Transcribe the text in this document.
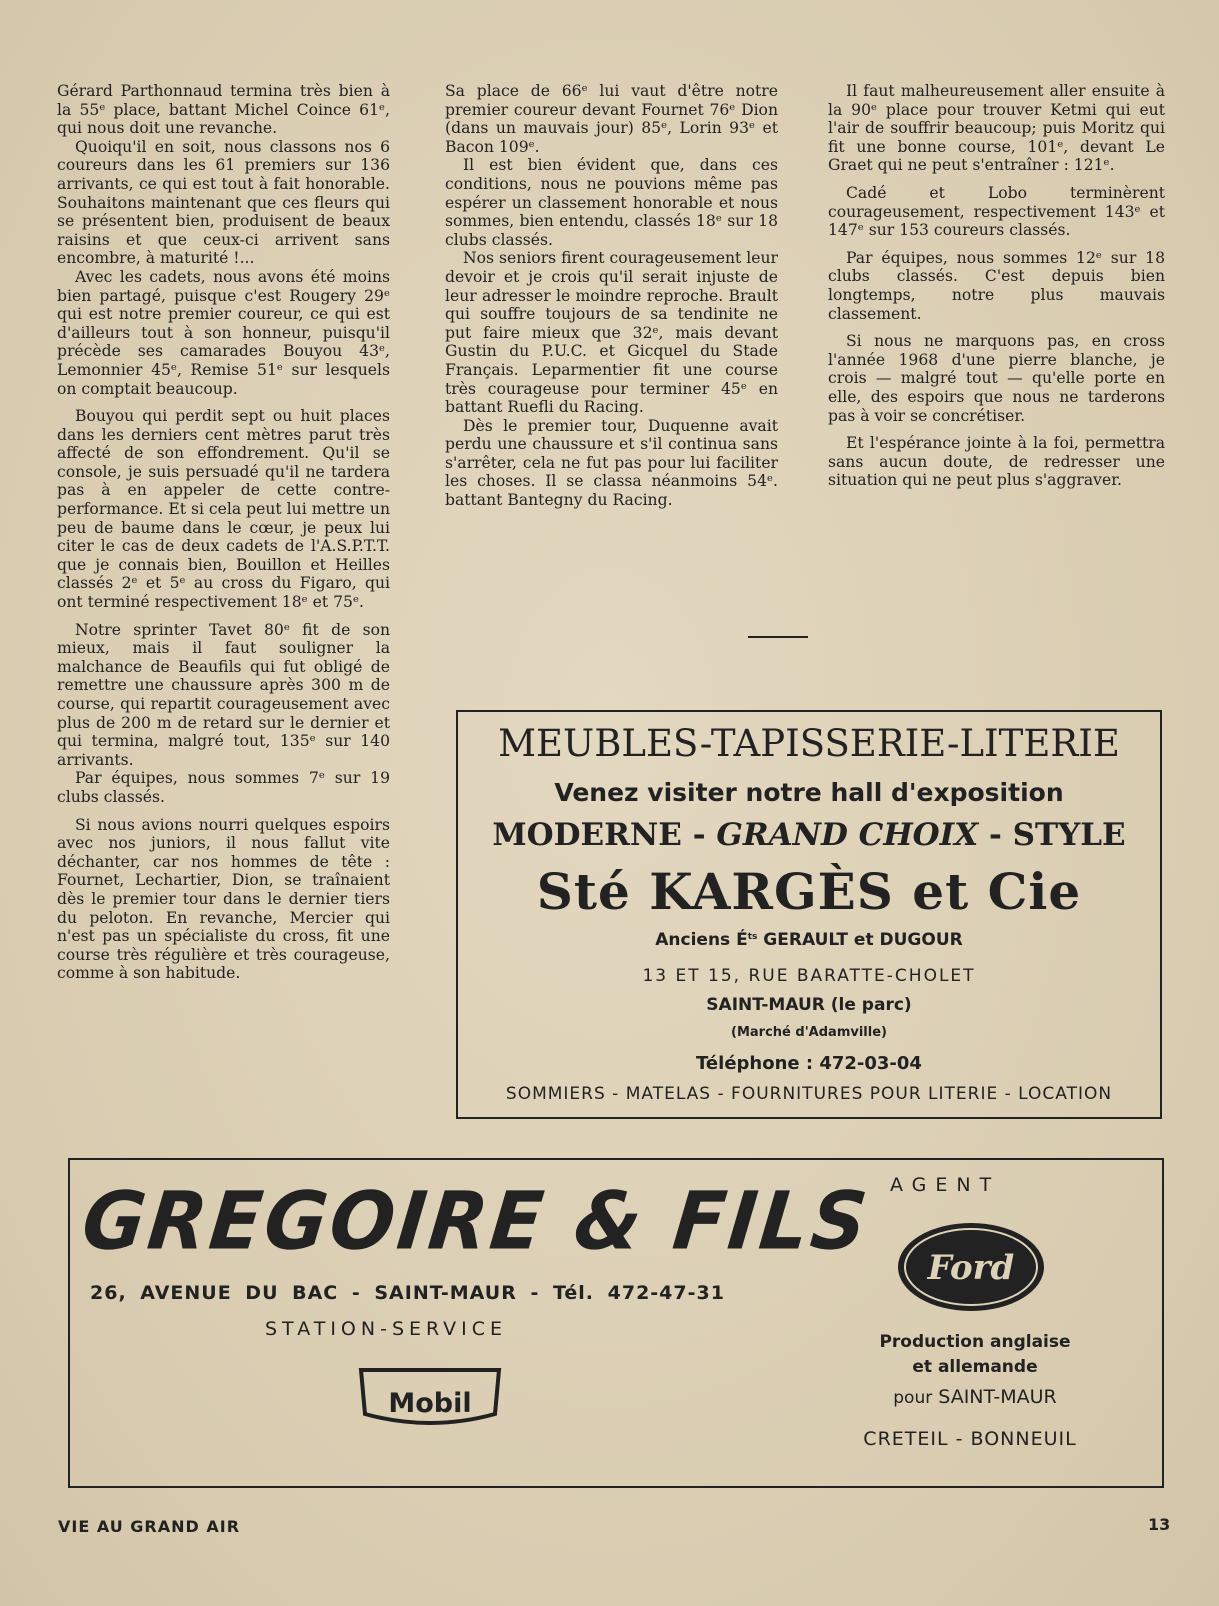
Gérard Parthonnaud termina très bien à la 55ᵉ place, battant Michel Coince 61ᵉ, qui nous doit une revanche.

Quoiqu'il en soit, nous classons nos 6 coureurs dans les 61 premiers sur 136 arrivants, ce qui est tout à fait honorable. Souhaitons maintenant que ces fleurs qui se présentent bien, produisent de beaux raisins et que ceux-ci arrivent sans encombre, à maturité !...

Avec les cadets, nous avons été moins bien partagé, puisque c'est Rougery 29ᵉ qui est notre premier coureur, ce qui est d'ailleurs tout à son honneur, puisqu'il précède ses camarades Bouyou 43ᵉ, Lemonnier 45ᵉ, Remise 51ᵉ sur lesquels on comptait beaucoup.

Bouyou qui perdit sept ou huit places dans les derniers cent mètres parut très affecté de son effondrement. Qu'il se console, je suis persuadé qu'il ne tardera pas à en appeler de cette contre-performance. Et si cela peut lui mettre un peu de baume dans le cœur, je peux lui citer le cas de deux cadets de l'A.S.P.T.T. que je connais bien, Bouillon et Heilles classés 2ᵉ et 5ᵉ au cross du Figaro, qui ont terminé respectivement 18ᵉ et 75ᵉ.

Notre sprinter Tavet 80ᵉ fit de son mieux, mais il faut souligner la malchance de Beaufils qui fut obligé de remettre une chaussure après 300 m de course, qui repartit courageusement avec plus de 200 m de retard sur le dernier et qui termina, malgré tout, 135ᵉ sur 140 arrivants.

Par équipes, nous sommes 7ᵉ sur 19 clubs classés.

Si nous avions nourri quelques espoirs avec nos juniors, il nous fallut vite déchanter, car nos hommes de tête : Fournet, Lechartier, Dion, se traînaient dès le premier tour dans le dernier tiers du peloton. En revanche, Mercier qui n'est pas un spécialiste du cross, fit une course très régulière et très courageuse, comme à son habitude.

Sa place de 66ᵉ lui vaut d'être notre premier coureur devant Fournet 76ᵉ Dion (dans un mauvais jour) 85ᵉ, Lorin 93ᵉ et Bacon 109ᵉ.

Il est bien évident que, dans ces conditions, nous ne pouvions même pas espérer un classement honorable et nous sommes, bien entendu, classés 18ᵉ sur 18 clubs classés.

Nos seniors firent courageusement leur devoir et je crois qu'il serait injuste de leur adresser le moindre reproche. Brault qui souffre toujours de sa tendinite ne put faire mieux que 32ᵉ, mais devant Gustin du P.U.C. et Gicquel du Stade Français. Leparmentier fit une course très courageuse pour terminer 45ᵉ en battant Ruefli du Racing.

Dès le premier tour, Duquenne avait perdu une chaussure et s'il continua sans s'arrêter, cela ne fut pas pour lui faciliter les choses. Il se classa néanmoins 54ᵉ. battant Bantegny du Racing.

Il faut malheureusement aller ensuite à la 90ᵉ place pour trouver Ketmi qui eut l'air de souffrir beaucoup; puis Moritz qui fit une bonne course, 101ᵉ, devant Le Graet qui ne peut s'entraîner : 121ᵉ.

Cadé et Lobo terminèrent courageusement, respectivement 143ᵉ et 147ᵉ sur 153 coureurs classés.

Par équipes, nous sommes 12ᵉ sur 18 clubs classés. C'est depuis bien longtemps, notre plus mauvais classement.

Si nous ne marquons pas, en cross l'année 1968 d'une pierre blanche, je crois — malgré tout — qu'elle porte en elle, des espoirs que nous ne tarderons pas à voir se concrétiser.

Et l'espérance jointe à la foi, permettra sans aucun doute, de redresser une situation qui ne peut plus s'aggraver.

MEUBLES-TAPISSERIE-LITERIE
Venez visiter notre hall d'exposition
MODERNE - GRAND CHOIX - STYLE
Sté KARGÈS et Cie
Anciens $É^{ts}$ GERAULT et DUGOUR
13 ET 15, RUE BARATTE-CHOLET
SAINT-MAUR (le parc)
(Marché d'Adamville)
Téléphone : 472-03-04
SOMMIERS - MATELAS - FOURNITURES POUR LITERIE - LOCATION
GREGOIRE & FILS
26, AVENUE DU BAC - SAINT-MAUR - Tél. 472-47-31
STATION-SERVICE
Mobil
AGENT
Ford
Production anglaise
et allemande
pour SAINT-MAUR
CRETEIL - BONNEUIL
VIE AU GRAND AIR	13
